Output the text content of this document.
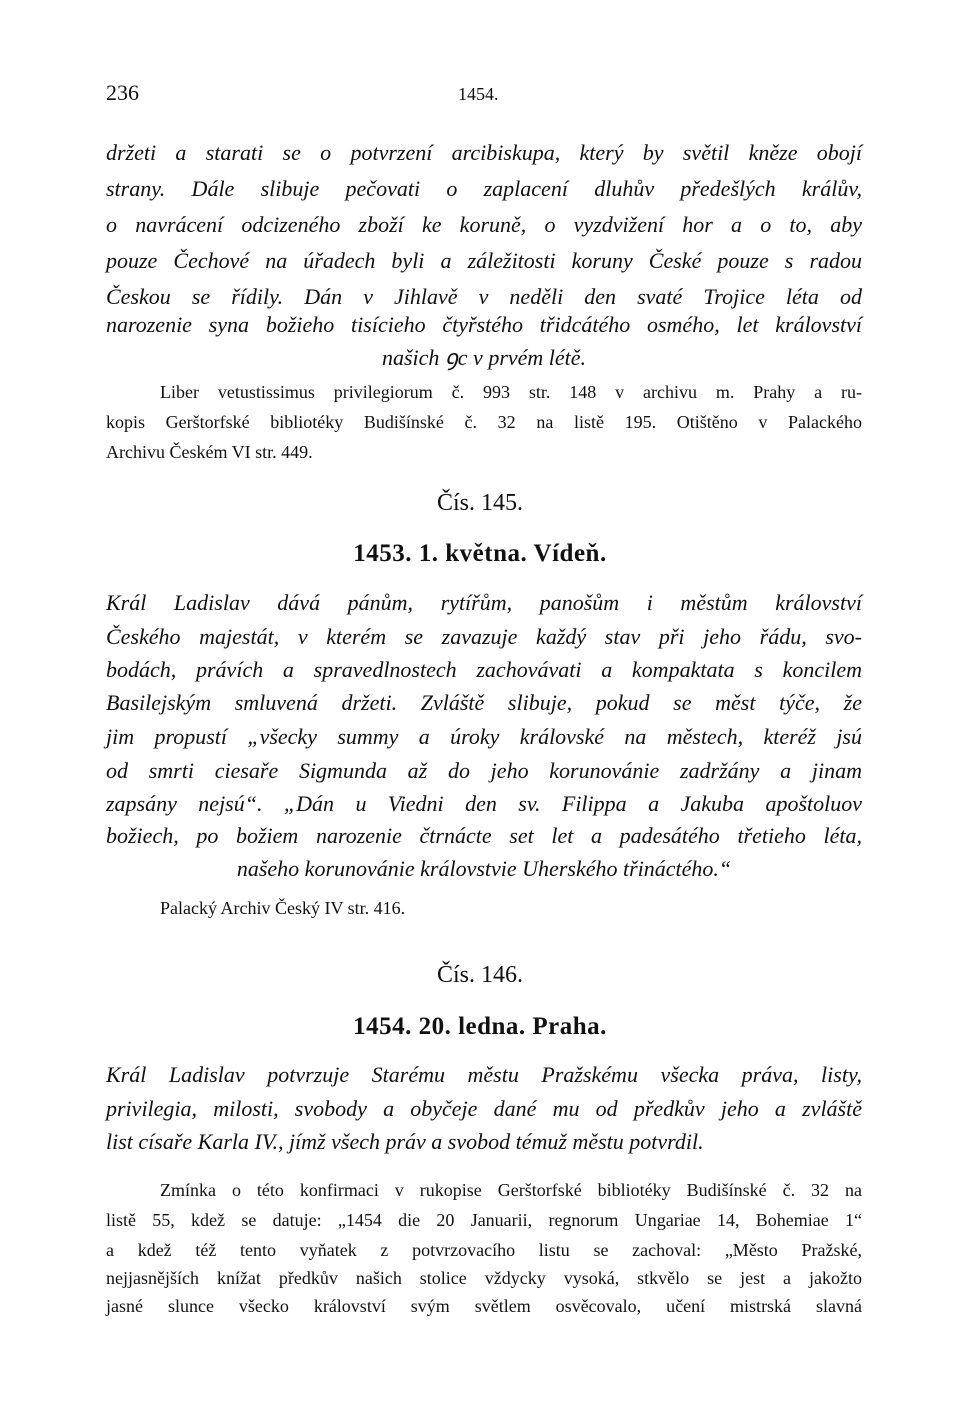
236	1454.
držeti a starati se o potvrzení arcibiskupa, který by světil kněze obojí
strany. Dále slibuje pečovati o zaplacení dluhův předešlých králův,
o navrácení odcizeného zboží ke koruně, o vyzdvižení hor a o to, aby
pouze Čechové na úřadech byli a záležitosti koruny České pouze s radou
Českou se řídily. Dán v Jihlavě v neděli den svaté Trojice léta od
narozenie syna božieho tisícieho čtyřstého třidcátého osmého, let království
našich ꝯc v prvém létě.
Liber vetustissimus privilegiorum č. 993 str. 148 v archivu m. Prahy a ru-
kopis Gerštorfské bibliotéky Budišínské č. 32 na listě 195. Otištěno v Palackého
Archivu Českém VI str. 449.
Čís. 145.
1453. 1. května. Vídeň.
Král Ladislav dává pánům, rytířům, panošům i městům království
Českého majestát, v kterém se zavazuje každý stav při jeho řádu, svo-
bodách, právích a spravedlnostech zachovávati a kompaktata s koncilem
Basilejským smluvená držeti. Zvláště slibuje, pokud se měst týče, že
jim propustí „všecky summy a úroky královské na městech, kteréž jsú
od smrti ciesaře Sigmunda až do jeho korunovánie zadržány a jinam
zapsány nejsú“. „Dán u Viedni den sv. Filippa a Jakuba apoštoluov
božiech, po božiem narozenie čtrnácte set let a padesátého třetieho léta,
našeho korunovánie královstvie Uherského třináctého.“
Palacký Archiv Český IV str. 416.
Čís. 146.
1454. 20. ledna. Praha.
Král Ladislav potvrzuje Starému městu Pražskému všecka práva, listy,
privilegia, milosti, svobody a obyčeje dané mu od předkův jeho a zvláště
list císaře Karla IV., jímž všech práv a svobod témuž městu potvrdil.
Zmínka o této konfirmaci v rukopise Gerštorfské bibliotéky Budišínské č. 32 na
listě 55, kdež se datuje: „1454 die 20 Januarii, regnorum Ungariae 14, Bohemiae 1“
a kdež též tento vyňatek z potvrzovacího listu se zachoval: „Město Pražské,
nejjasnějších knížat předkův našich stolice vždycky vysoká, stkvělo se jest a jakožto
jasné slunce všecko království svým světlem osvěcovalo, učení mistrská slavná
